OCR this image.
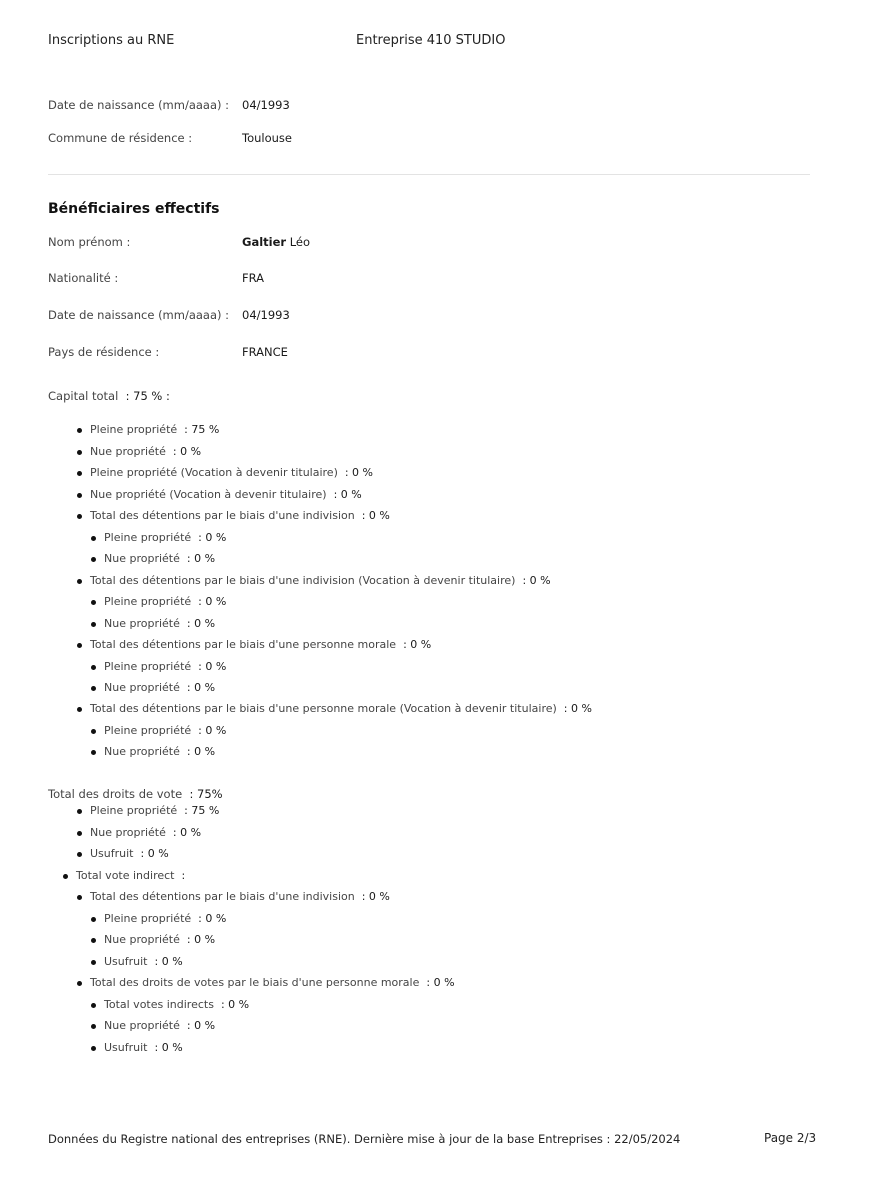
Inscriptions au RNE	Entreprise 410 STUDIO
Date de naissance (mm/aaaa) : 04/1993
Commune de résidence :	Toulouse
Bénéficiaires effectifs
Nom prénom :	Galtier Léo
Nationalité :	FRA
Date de naissance (mm/aaaa) : 04/1993
Pays de résidence :	FRANCE
Capital total : 75 % :
Pleine propriété : 75 %
Nue propriété : 0 %
Pleine propriété (Vocation à devenir titulaire) : 0 %
Nue propriété (Vocation à devenir titulaire) : 0 %
Total des détentions par le biais d'une indivision : 0 %
Pleine propriété : 0 %
Nue propriété : 0 %
Total des détentions par le biais d'une indivision (Vocation à devenir titulaire) : 0 %
Pleine propriété : 0 %
Nue propriété : 0 %
Total des détentions par le biais d'une personne morale : 0 %
Pleine propriété : 0 %
Nue propriété : 0 %
Total des détentions par le biais d'une personne morale (Vocation à devenir titulaire) : 0 %
Pleine propriété : 0 %
Nue propriété : 0 %
Total des droits de vote : 75%
Pleine propriété : 75 %
Nue propriété : 0 %
Usufruit : 0 %
Total vote indirect :
Total des détentions par le biais d'une indivision : 0 %
Pleine propriété : 0 %
Nue propriété : 0 %
Usufruit : 0 %
Total des droits de votes par le biais d'une personne morale : 0 %
Total votes indirects : 0 %
Nue propriété : 0 %
Usufruit : 0 %
Données du Registre national des entreprises (RNE). Dernière mise à jour de la base Entreprises : 22/05/2024	Page 2/3
